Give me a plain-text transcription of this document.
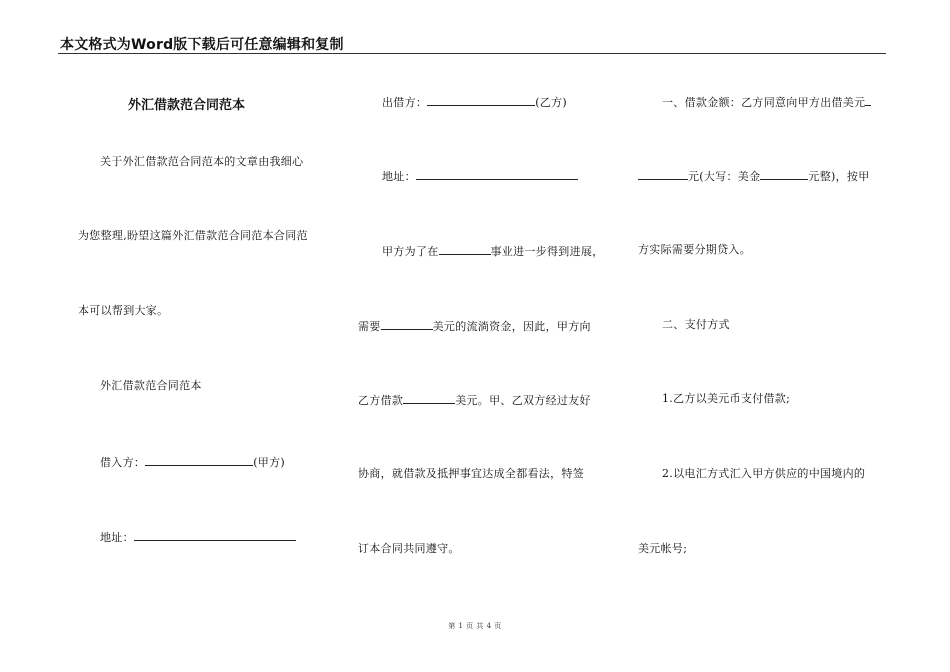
本文格式为Word版下载后可任意编辑和复制
外汇借款范合同范本
关于外汇借款范合同范本的文章由我细心
为您整理,盼望这篇外汇借款范合同范本合同范
本可以帮到大家。
外汇借款范合同范本
借入方：	(甲方)
地址：
出借方：	(乙方)
地址：
甲方为了在	事业进一步得到进展，
需要	美元的流淌资金，因此，甲方向
乙方借款	美元。甲、乙双方经过友好
协商，就借款及抵押事宜达成全都看法，特签
订本合同共同遵守。
一、借款金额：乙方同意向甲方出借美元
元(大写：美金	元整)，按甲
方实际需要分期贷入。
二、支付方式
1.乙方以美元币支付借款;
2.以电汇方式汇入甲方供应的中国境内的
美元帐号;
第 1 页 共 4 页
